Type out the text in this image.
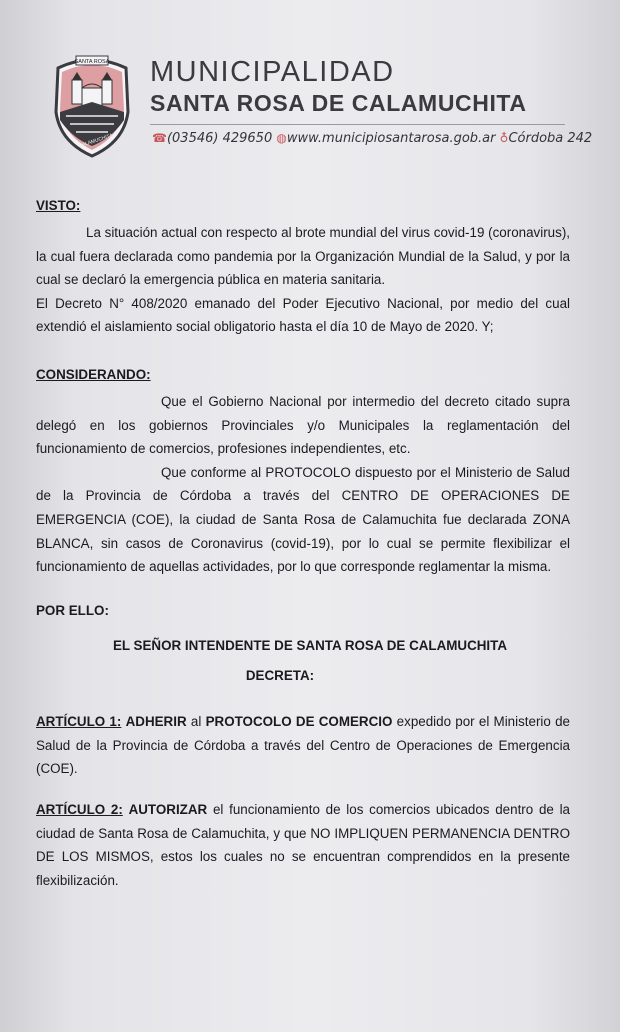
SANTA ROSA
CALAMUCHITA
MUNICIPALIDAD
SANTA ROSA DE CALAMUCHITA
☎(03546) 429650 ◍www.municipiosantarosa.gob.ar ♁Córdoba 242
VISTO:

La situación actual con respecto al brote mundial del virus covid-19 (coronavirus), la cual fuera declarada como pandemia por la Organización Mundial de la Salud, y por la cual se declaró la emergencia pública en materia sanitaria.

El Decreto N° 408/2020 emanado del Poder Ejecutivo Nacional, por medio del cual extendió el aislamiento social obligatorio hasta el día 10 de Mayo de 2020. Y;

CONSIDERANDO:

Que el Gobierno Nacional por intermedio del decreto citado supra delegó en los gobiernos Provinciales y/o Municipales la reglamentación del funcionamiento de comercios, profesiones independientes, etc.

Que conforme al PROTOCOLO dispuesto por el Ministerio de Salud de la Provincia de Córdoba a través del CENTRO DE OPERACIONES DE EMERGENCIA (COE), la ciudad de Santa Rosa de Calamuchita fue declarada ZONA BLANCA, sin casos de Coronavirus (covid-19), por lo cual se permite flexibilizar el funcionamiento de aquellas actividades, por lo que corresponde reglamentar la misma.

POR ELLO:
EL SEÑOR INTENDENTE DE SANTA ROSA DE CALAMUCHITA
DECRETA:

ARTÍCULO 1: ADHERIR al PROTOCOLO DE COMERCIO expedido por el Ministerio de Salud de la Provincia de Córdoba a través del Centro de Operaciones de Emergencia (COE).

ARTÍCULO 2: AUTORIZAR el funcionamiento de los comercios ubicados dentro de la ciudad de Santa Rosa de Calamuchita, y que NO IMPLIQUEN PERMANENCIA DENTRO DE LOS MISMOS, estos los cuales no se encuentran comprendidos en la presente flexibilización.
